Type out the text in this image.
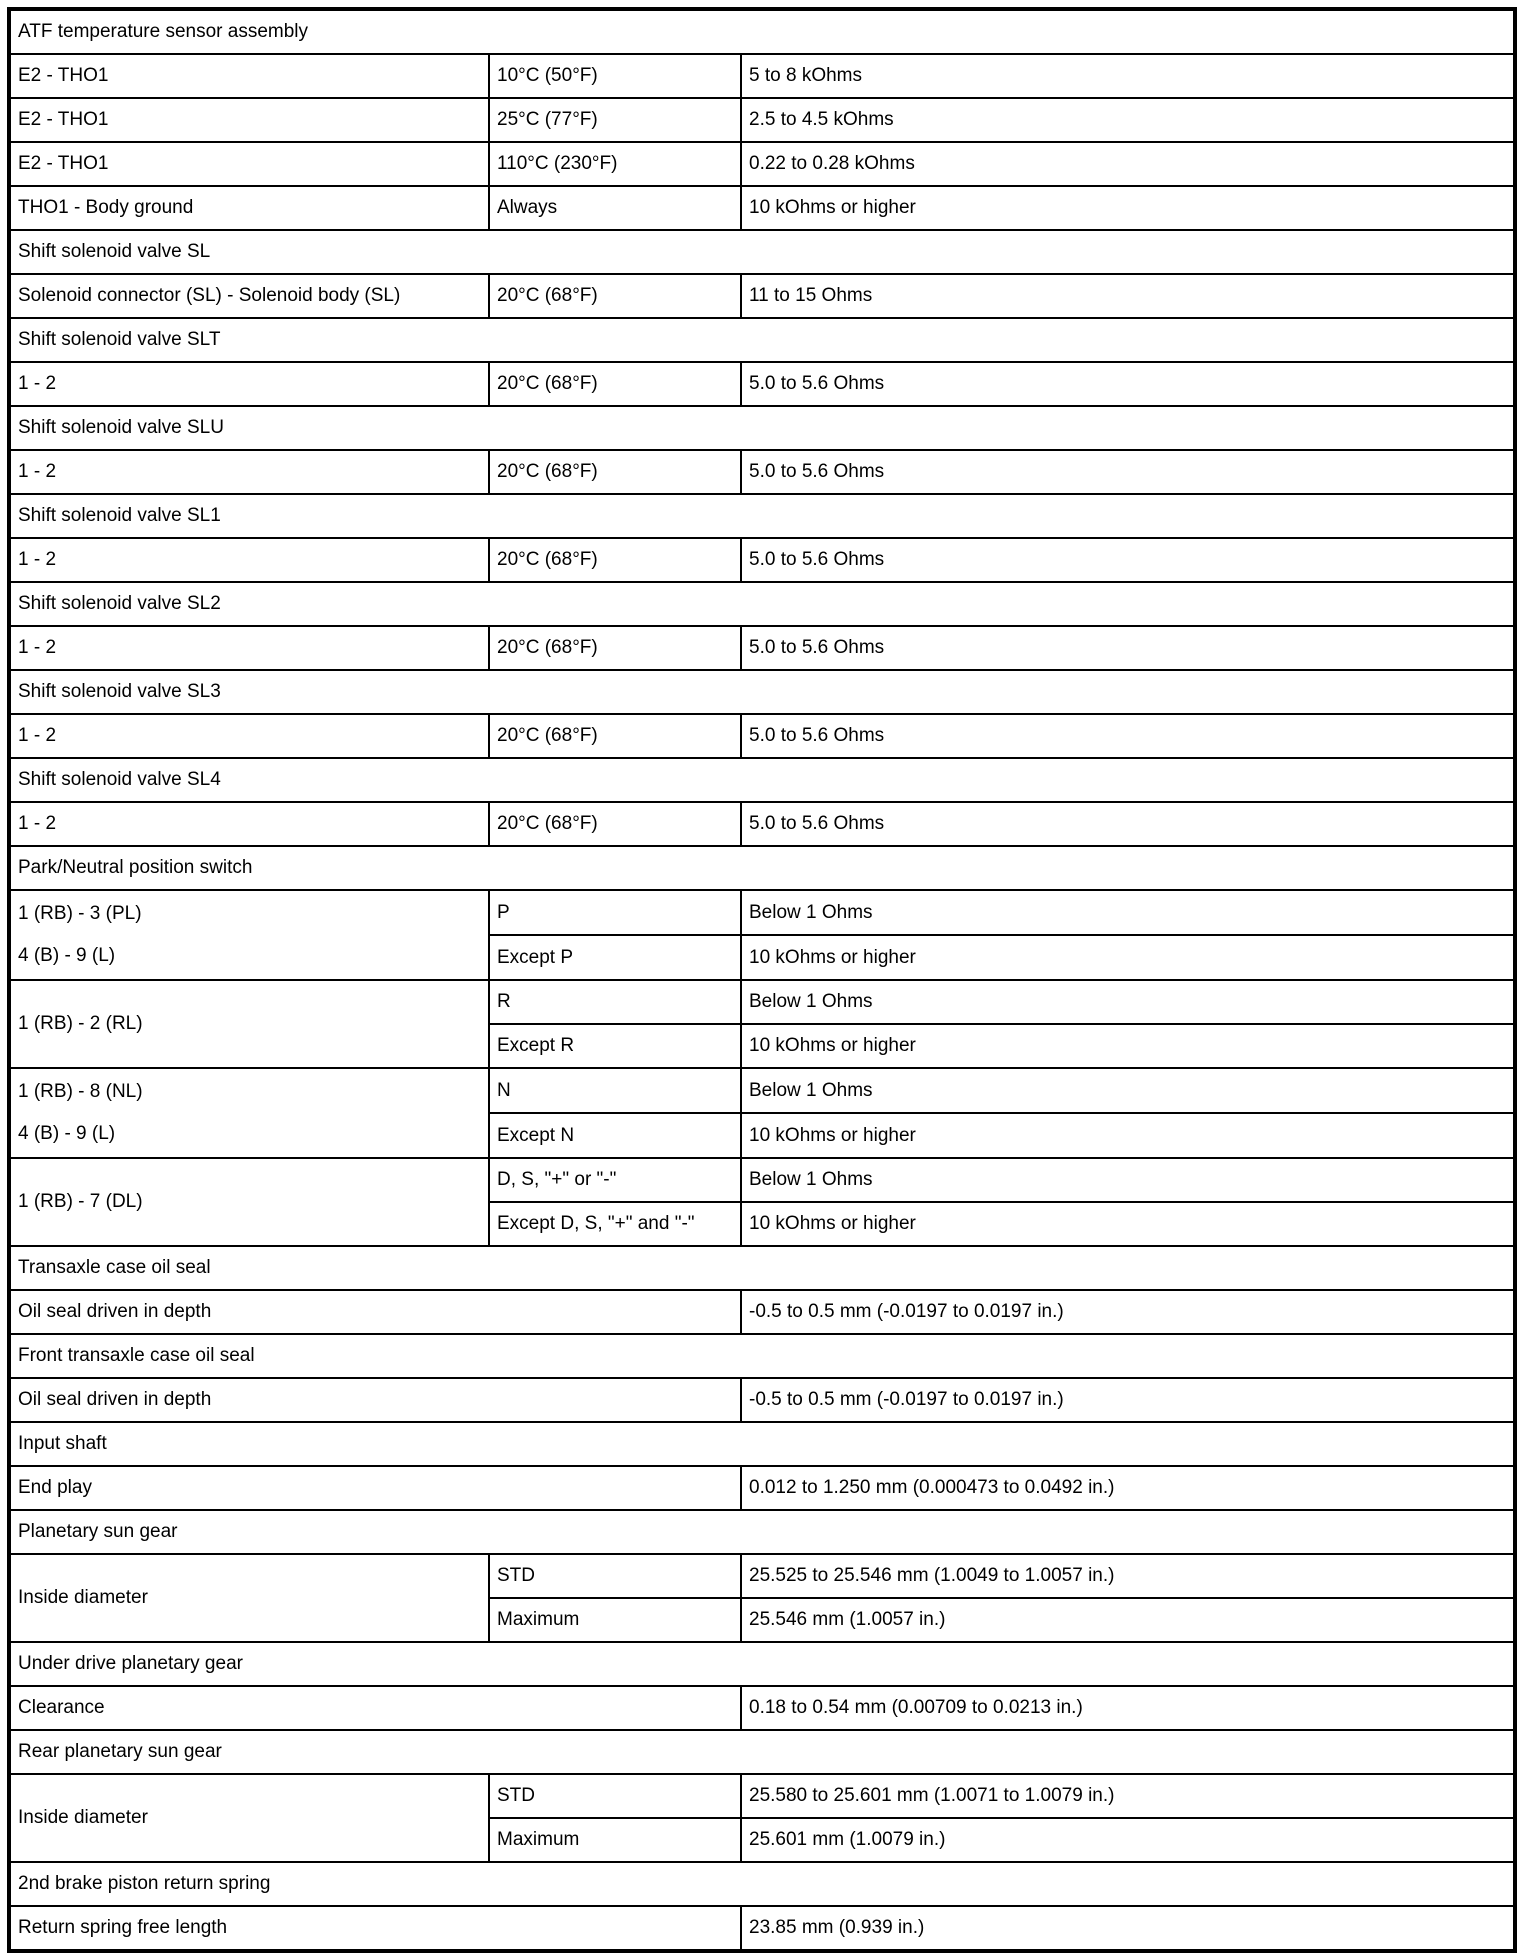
ATF temperature sensor assembly		
E2 - THO1	10°C (50°F)	5 to 8 kOhms
E2 - THO1	25°C (77°F)	2.5 to 4.5 kOhms
E2 - THO1	110°C (230°F)	0.22 to 0.28 kOhms
THO1 - Body ground	Always	10 kOhms or higher
Shift solenoid valve SL		
Solenoid connector (SL) - Solenoid body (SL)	20°C (68°F)	11 to 15 Ohms
Shift solenoid valve SLT		
1 - 2	20°C (68°F)	5.0 to 5.6 Ohms
Shift solenoid valve SLU		
1 - 2	20°C (68°F)	5.0 to 5.6 Ohms
Shift solenoid valve SL1		
1 - 2	20°C (68°F)	5.0 to 5.6 Ohms
Shift solenoid valve SL2		
1 - 2	20°C (68°F)	5.0 to 5.6 Ohms
Shift solenoid valve SL3		
1 - 2	20°C (68°F)	5.0 to 5.6 Ohms
Shift solenoid valve SL4		
1 - 2	20°C (68°F)	5.0 to 5.6 Ohms
Park/Neutral position switch		

1 (RB) - 3 (PL)
4 (B) - 9 (L)	P	Below 1 Ohms
	Except P	10 kOhms or higher
1 (RB) - 2 (RL)	R	Below 1 Ohms
	Except R	10 kOhms or higher

1 (RB) - 8 (NL)
4 (B) - 9 (L)	N	Below 1 Ohms
	Except N	10 kOhms or higher
1 (RB) - 7 (DL)	D, S, "+" or "-"	Below 1 Ohms
	Except D, S, "+" and "-"	10 kOhms or higher
Transaxle case oil seal		
Oil seal driven in depth		-0.5 to 0.5 mm (-0.0197 to 0.0197 in.)
Front transaxle case oil seal		
Oil seal driven in depth		-0.5 to 0.5 mm (-0.0197 to 0.0197 in.)
Input shaft		
End play		0.012 to 1.250 mm (0.000473 to 0.0492 in.)
Planetary sun gear		
Inside diameter	STD	25.525 to 25.546 mm (1.0049 to 1.0057 in.)
	Maximum	25.546 mm (1.0057 in.)
Under drive planetary gear		
Clearance		0.18 to 0.54 mm (0.00709 to 0.0213 in.)
Rear planetary sun gear		
Inside diameter	STD	25.580 to 25.601 mm (1.0071 to 1.0079 in.)
	Maximum	25.601 mm (1.0079 in.)
2nd brake piston return spring		
Return spring free length		23.85 mm (0.939 in.)
